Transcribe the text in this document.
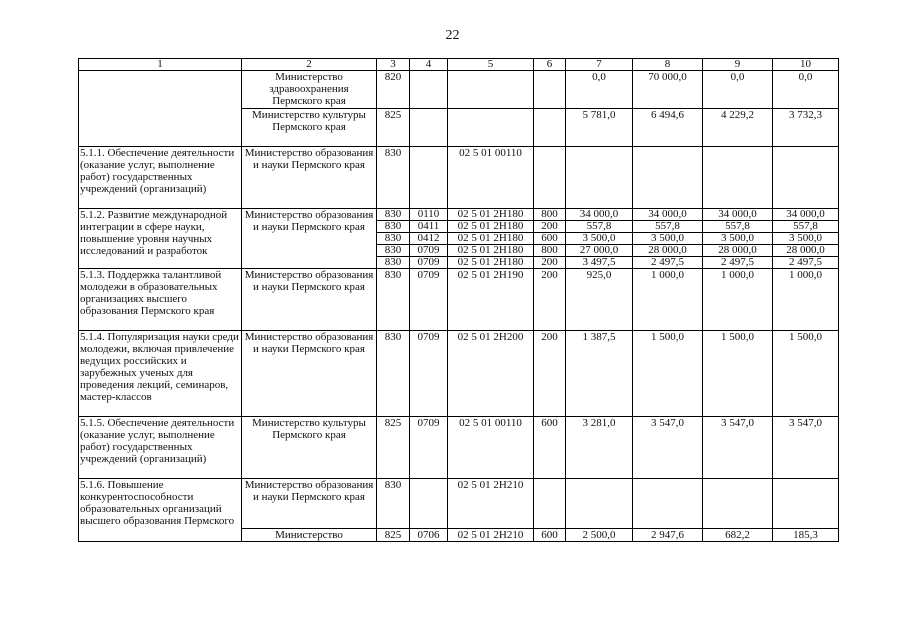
22
1	2	3	4	5	6	7	8	9	10
	Министерство здравоохранения Пермского края	820				0,0	70 000,0	0,0	0,0
	Министерство культуры Пермского края	825				5 781,0	6 494,6	4 229,2	3 732,3
5.1.1. Обеспечение деятельности (оказание услуг, выполнение работ) государственных учреждений (организаций)	Министерство образования и науки Пермского края	830		02 5 01 00110					
5.1.2. Развитие международной интеграции в сфере науки, повышение уровня научных исследований и разработок	Министерство образования и науки Пермского края	830	0110	02 5 01 2Н180	800	34 000,0	34 000,0	34 000,0	34 000,0
		830	0411	02 5 01 2Н180	200	557,8	557,8	557,8	557,8
		830	0412	02 5 01 2Н180	600	3 500,0	3 500,0	3 500,0	3 500,0
		830	0709	02 5 01 2Н180	800	27 000,0	28 000,0	28 000,0	28 000,0
		830	0709	02 5 01 2Н180	200	3 497,5	2 497,5	2 497,5	2 497,5
5.1.3. Поддержка талантливой молодежи в образовательных организациях высшего образования Пермского края	Министерство образования и науки Пермского края	830	0709	02 5 01 2Н190	200	925,0	1 000,0	1 000,0	1 000,0
5.1.4. Популяризация науки среди молодежи, включая привлечение ведущих российских и зарубежных ученых для проведения лекций, семинаров, мастер-классов	Министерство образования и науки Пермского края	830	0709	02 5 01 2Н200	200	1 387,5	1 500,0	1 500,0	1 500,0
5.1.5. Обеспечение деятельности (оказание услуг, выполнение работ) государственных учреждений (организаций)	Министерство культуры Пермского края	825	0709	02 5 01 00110	600	3 281,0	3 547,0	3 547,0	3 547,0
5.1.6. Повышение конкурентоспособности образовательных организаций высшего образования Пермского	Министерство образования и науки Пермского края	830		02 5 01 2Н210					
	Министерство	825	0706	02 5 01 2Н210	600	2 500,0	2 947,6	682,2	185,3
